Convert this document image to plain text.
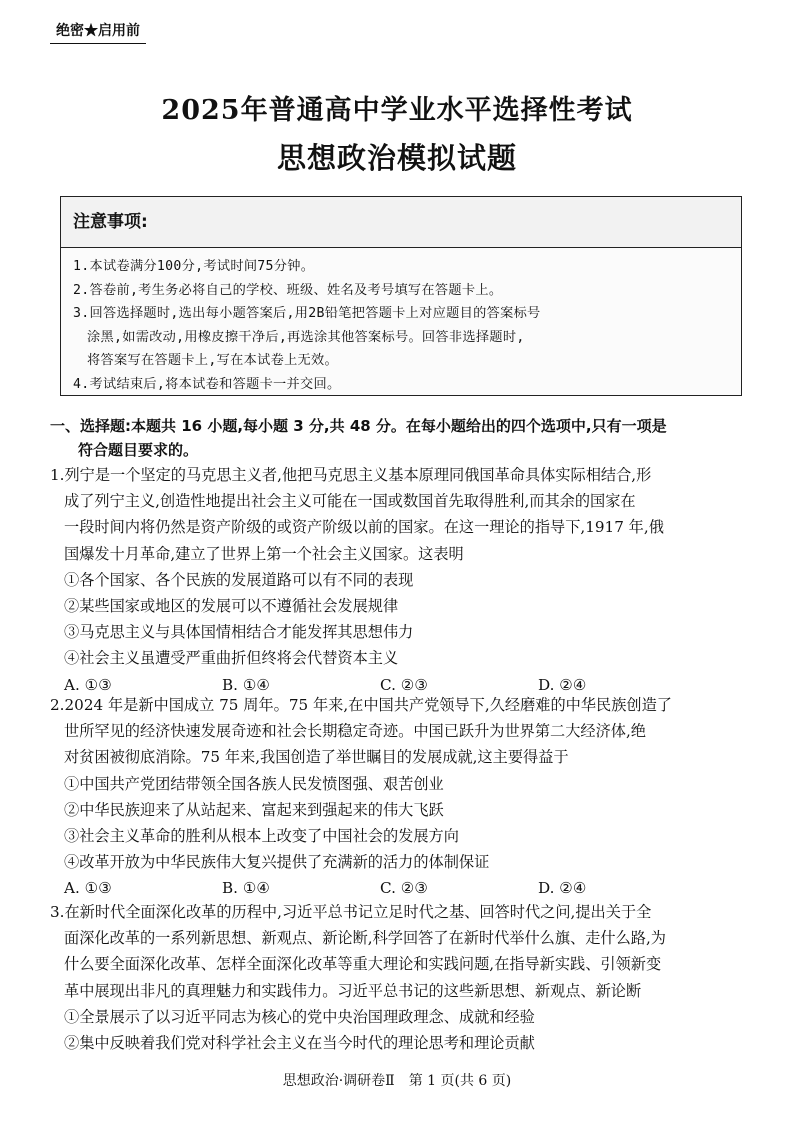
绝密★启用前
2025年普通高中学业水平选择性考试
思想政治模拟试题
注意事项:
1.本试卷满分100分,考试时间75分钟。
2.答卷前,考生务必将自己的学校、班级、姓名及考号填写在答题卡上。
3.回答选择题时,选出每小题答案后,用2B铅笔把答题卡上对应题目的答案标号
涂黑,如需改动,用橡皮擦干净后,再选涂其他答案标号。回答非选择题时,
将答案写在答题卡上,写在本试卷上无效。
4.考试结束后,将本试卷和答题卡一并交回。
一、选择题:本题共 16 小题,每小题 3 分,共 48 分。在每小题给出的四个选项中,只有一项是
符合题目要求的。
1.列宁是一个坚定的马克思主义者,他把马克思主义基本原理同俄国革命具体实际相结合,形
成了列宁主义,创造性地提出社会主义可能在一国或数国首先取得胜利,而其余的国家在
一段时间内将仍然是资产阶级的或资产阶级以前的国家。在这一理论的指导下,1917 年,俄
国爆发十月革命,建立了世界上第一个社会主义国家。这表明
①各个国家、各个民族的发展道路可以有不同的表现
②某些国家或地区的发展可以不遵循社会发展规律
③马克思主义与具体国情相结合才能发挥其思想伟力
④社会主义虽遭受严重曲折但终将会代替资本主义
A. ①③	B. ①④	C. ②③	D. ②④
2.2024 年是新中国成立 75 周年。75 年来,在中国共产党领导下,久经磨难的中华民族创造了
世所罕见的经济快速发展奇迹和社会长期稳定奇迹。中国已跃升为世界第二大经济体,绝
对贫困被彻底消除。75 年来,我国创造了举世瞩目的发展成就,这主要得益于
①中国共产党团结带领全国各族人民发愤图强、艰苦创业
②中华民族迎来了从站起来、富起来到强起来的伟大飞跃
③社会主义革命的胜利从根本上改变了中国社会的发展方向
④改革开放为中华民族伟大复兴提供了充满新的活力的体制保证
A. ①③	B. ①④	C. ②③	D. ②④
3.在新时代全面深化改革的历程中,习近平总书记立足时代之基、回答时代之问,提出关于全
面深化改革的一系列新思想、新观点、新论断,科学回答了在新时代举什么旗、走什么路,为
什么要全面深化改革、怎样全面深化改革等重大理论和实践问题,在指导新实践、引领新变
革中展现出非凡的真理魅力和实践伟力。习近平总书记的这些新思想、新观点、新论断
①全景展示了以习近平同志为核心的党中央治国理政理念、成就和经验
②集中反映着我们党对科学社会主义在当今时代的理论思考和理论贡献
思想政治·调研卷Ⅱ　第 1 页(共 6 页)
